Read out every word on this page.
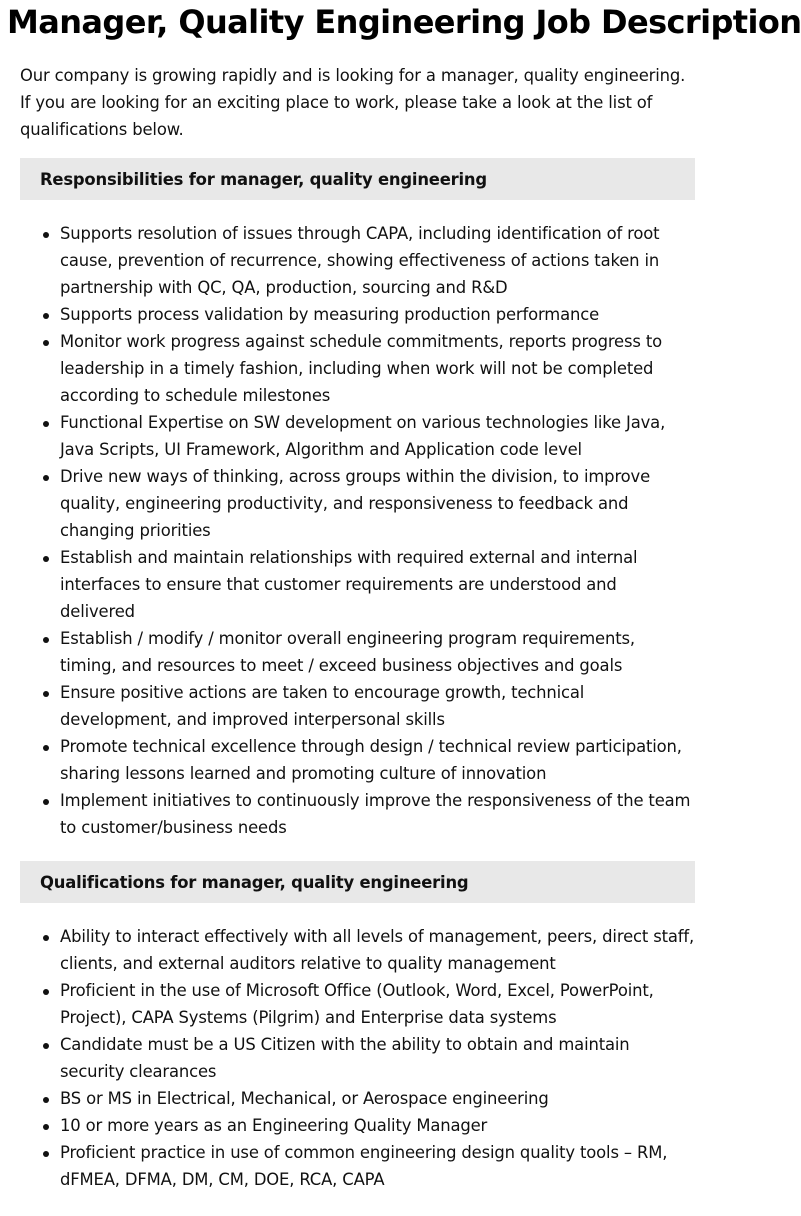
Manager, Quality Engineering Job Description

Our company is growing rapidly and is looking for a manager, quality engineering. If you are looking for an exciting place to work, please take a look at the list of qualifications below.

Responsibilities for manager, quality engineering
Supports resolution of issues through CAPA, including identification of root cause, prevention of recurrence, showing effectiveness of actions taken in partnership with QC, QA, production, sourcing and R&D
Supports process validation by measuring production performance
Monitor work progress against schedule commitments, reports progress to leadership in a timely fashion, including when work will not be completed according to schedule milestones
Functional Expertise on SW development on various technologies like Java, Java Scripts, UI Framework, Algorithm and Application code level
Drive new ways of thinking, across groups within the division, to improve quality, engineering productivity, and responsiveness to feedback and changing priorities
Establish and maintain relationships with required external and internal interfaces to ensure that customer requirements are understood and delivered
Establish / modify / monitor overall engineering program requirements, timing, and resources to meet / exceed business objectives and goals
Ensure positive actions are taken to encourage growth, technical development, and improved interpersonal skills
Promote technical excellence through design / technical review participation, sharing lessons learned and promoting culture of innovation
Implement initiatives to continuously improve the responsiveness of the team to customer/business needs
Qualifications for manager, quality engineering
Ability to interact effectively with all levels of management, peers, direct staff, clients, and external auditors relative to quality management
Proficient in the use of Microsoft Office (Outlook, Word, Excel, PowerPoint, Project), CAPA Systems (Pilgrim) and Enterprise data systems
Candidate must be a US Citizen with the ability to obtain and maintain security clearances
BS or MS in Electrical, Mechanical, or Aerospace engineering
10 or more years as an Engineering Quality Manager
Proficient practice in use of common engineering design quality tools – RM, dFMEA, DFMA, DM, CM, DOE, RCA, CAPA
